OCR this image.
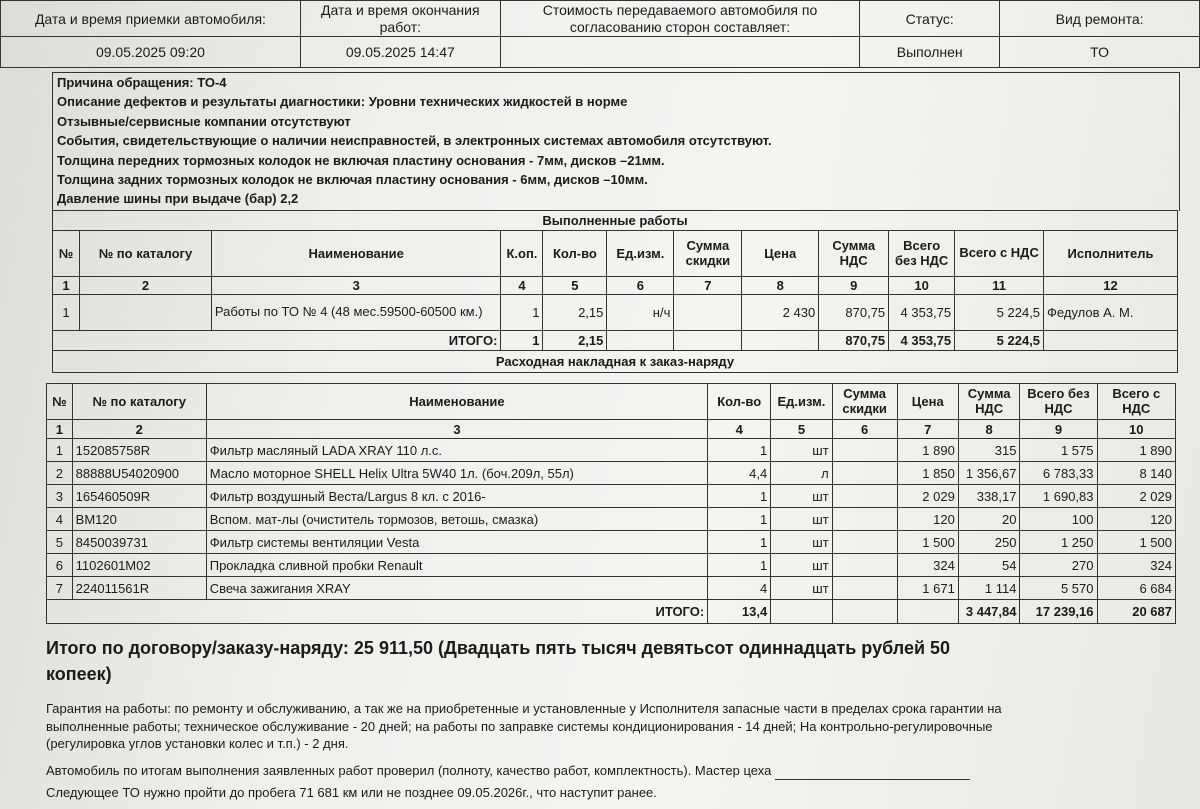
Дата и время приемки автомобиля:	Дата и время окончания
работ:	Стоимость передаваемого автомобиля по
согласованию сторон составляет:	Статус:	Вид ремонта:
09.05.2025 09:20	09.05.2025 14:47		Выполнен	ТО
Причина обращения: ТО-4
Описание дефектов и результаты диагностики: Уровни технических жидкостей в норме
Отзывные/сервисные компании отсутствуют
События, свидетельствующие о наличии неисправностей, в электронных системах автомобиля отсутствуют.
Толщина передних тормозных колодок не включая пластину основания - 7мм, дисков –21мм.
Толщина задних тормозных колодок не включая пластину основания - 6мм, дисков –10мм.
Давление шины при выдаче (бар) 2,2
Выполненные работы											
№	№ по каталогу	Наименование	К.оп.	Кол-во	Ед.изм.	Сумма скидки	Цена	Сумма НДС	Всего без НДС	Всего с НДС	Исполнитель
1	2	3	4	5	6	7	8	9	10	11	12
1		Работы по ТО № 4 (48 мес.59500-60500 км.)	1	2,15	н/ч		2 430	870,75	4 353,75	5 224,5	Федулов А. М.
ИТОГО:			1	2,15				870,75	4 353,75	5 224,5	
Расходная накладная к заказ-наряду											
№	№ по каталогу	Наименование	Кол-во	Ед.изм.	Сумма скидки	Цена	Сумма НДС	Всего без НДС	Всего с НДС
1	2	3	4	5	6	7	8	9	10
1	152085758R	Фильтр масляный LADA XRAY 110 л.с.	1	шт		1 890	315	1 575	1 890
2	88888U54020900	Масло моторное SHELL Helix Ultra 5W40 1л. (боч.209л, 55л)	4,4	л		1 850	1 356,67	6 783,33	8 140
3	165460509R	Фильтр воздушный Веста/Largus 8 кл. с 2016-	1	шт		2 029	338,17	1 690,83	2 029
4	BM120	Вспом. мат-лы (очиститель тормозов, ветошь, смазка)	1	шт		120	20	100	120
5	8450039731	Фильтр системы вентиляции Vesta	1	шт		1 500	250	1 250	1 500
6	1102601M02	Прокладка сливной пробки Renault	1	шт		324	54	270	324
7	224011561R	Свеча зажигания XRAY	4	шт		1 671	1 114	5 570	6 684
ИТОГО:			13,4				3 447,84	17 239,16	20 687
Итого по договору/заказу-наряду: 25 911,50 (Двадцать пять тысяч девятьсот одиннадцать рублей 50
копеек)
Гарантия на работы: по ремонту и обслуживанию, а так же на приобретенные и установленные у Исполнителя запасные части в пределах срока гарантии на
выполненные работы; техническое обслуживание - 20 дней; на работы по заправке системы кондиционирования - 14 дней; На контрольно-регулировочные
(регулировка углов установки колес и т.п.) - 2 дня.
Автомобиль по итогам выполнения заявленных работ проверил (полноту, качество работ, комплектность). Мастер цеха
Следующее ТО нужно пройти до пробега 71 681 км или не позднее 09.05.2026г., что наступит ранее.
